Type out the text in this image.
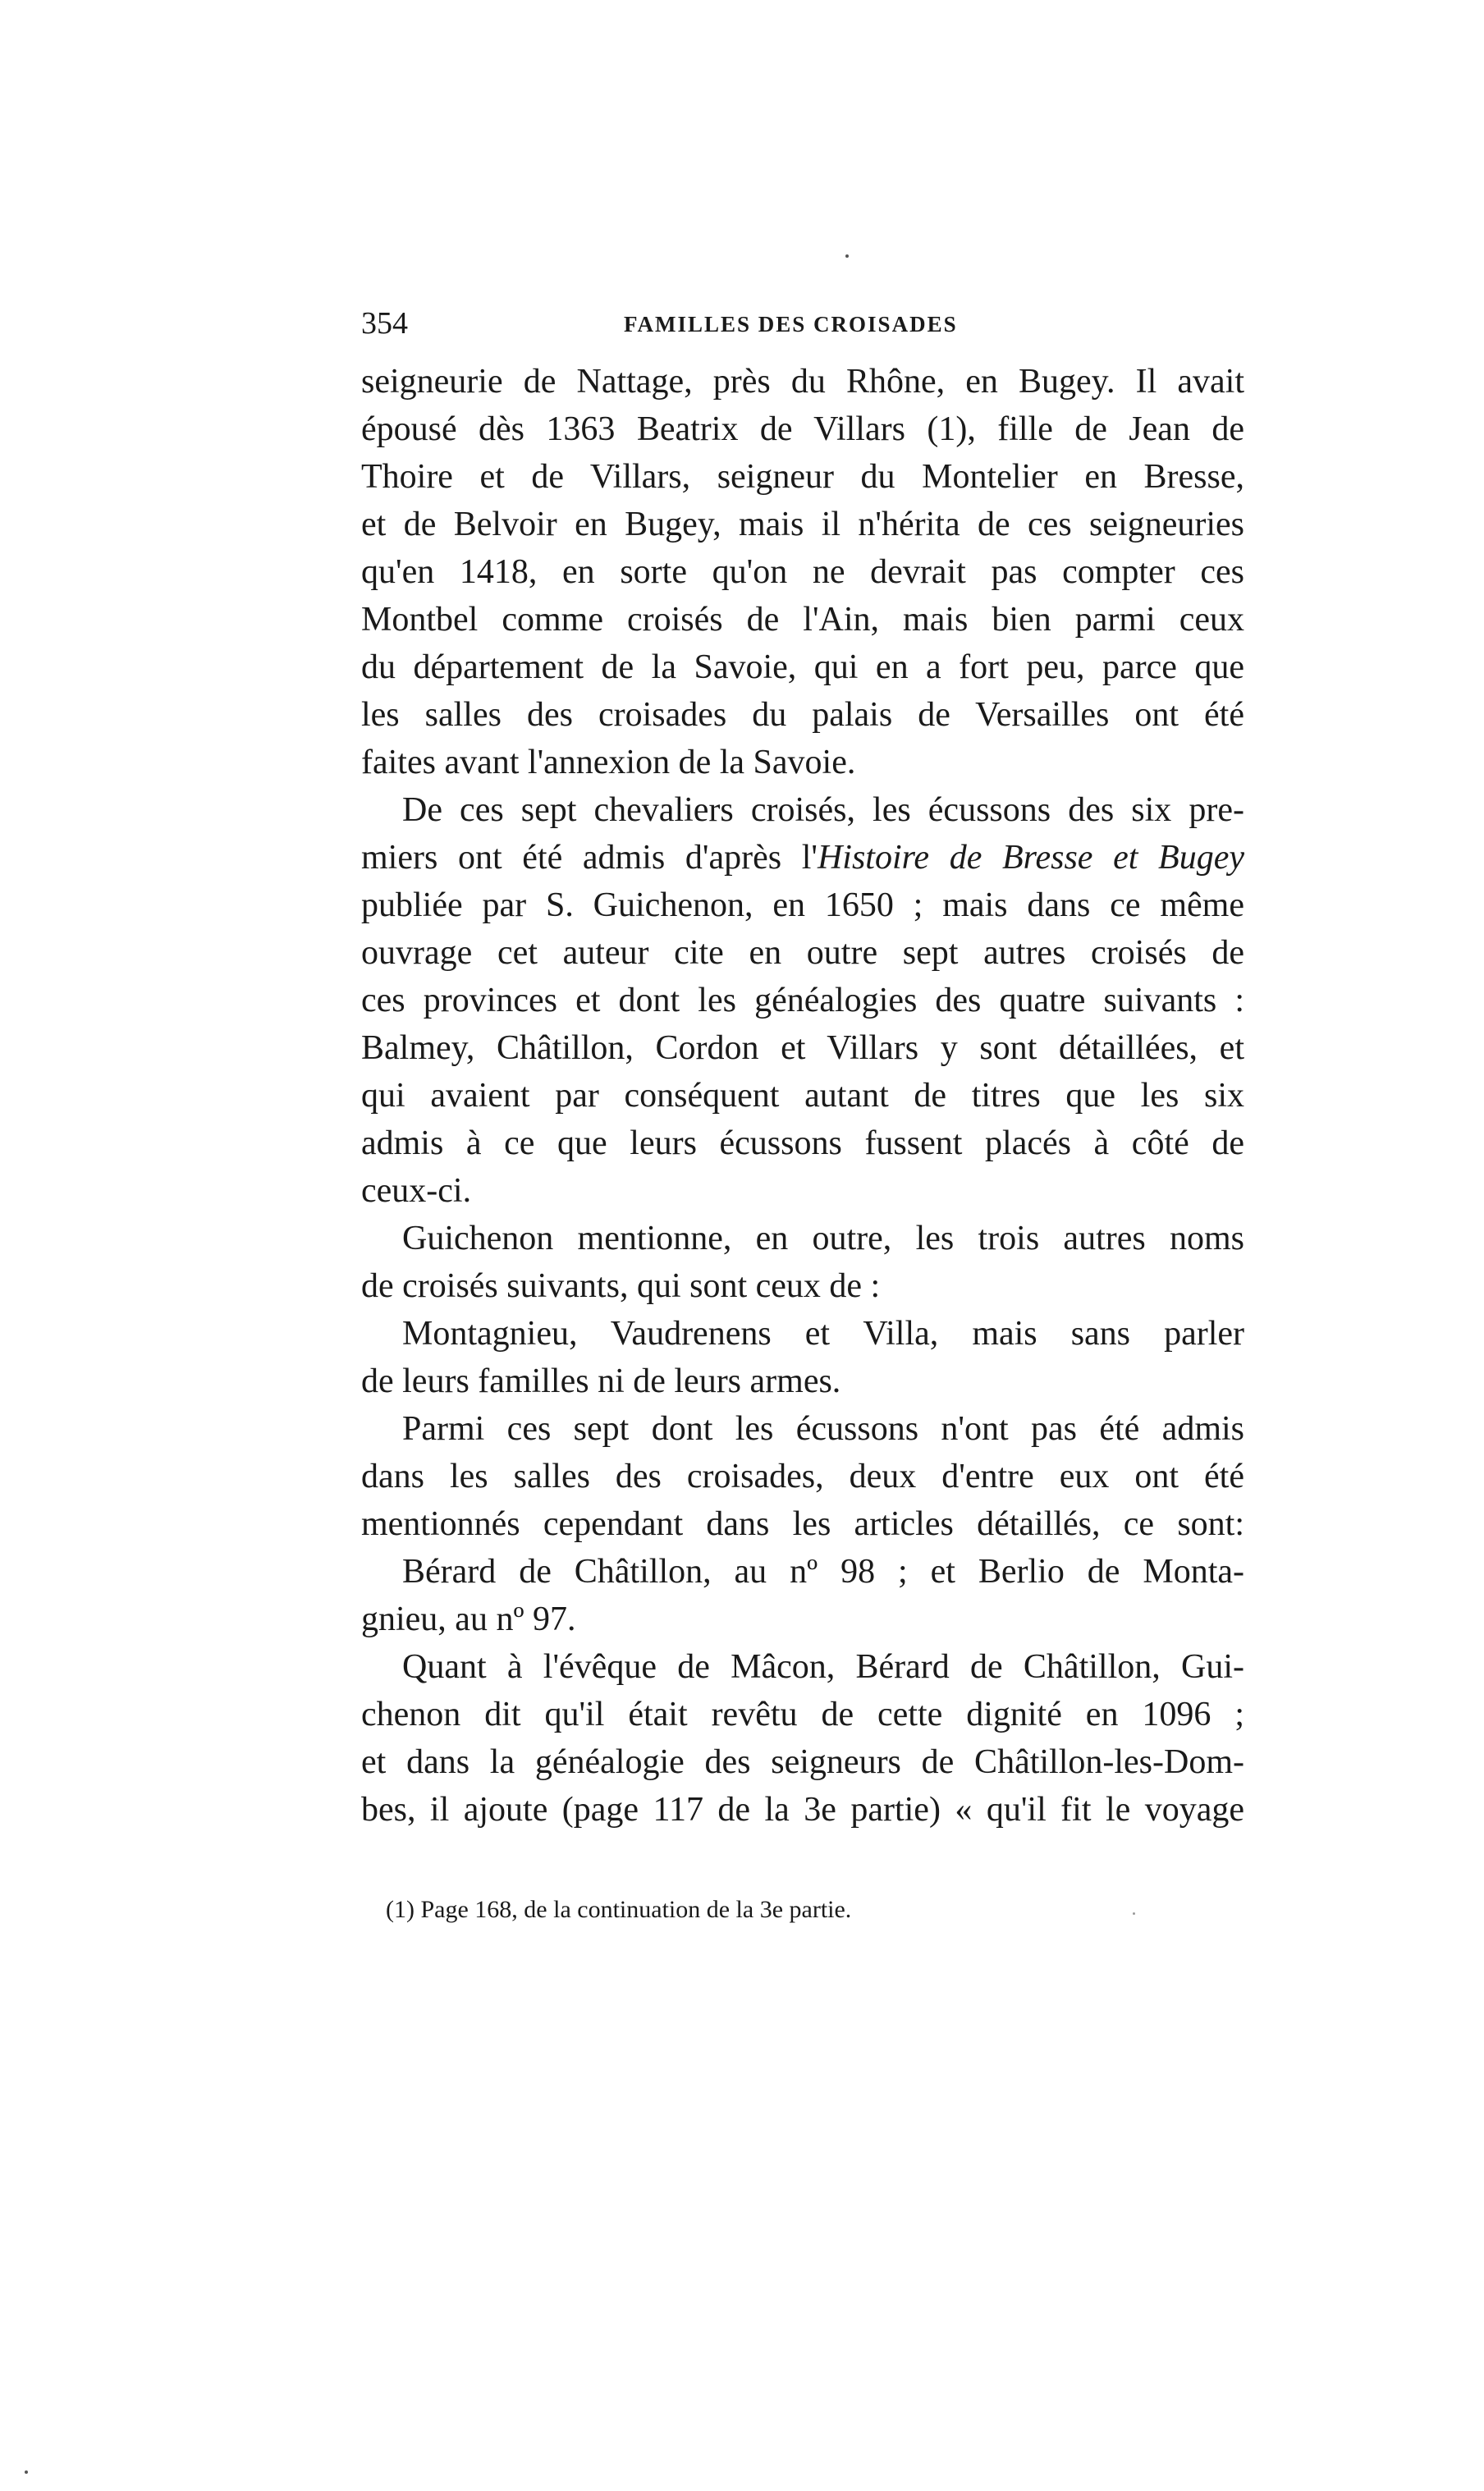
354	FAMILLES DES CROISADES
seigneurie de Nattage, près du Rhône, en Bugey. Il avait
épousé dès 1363 Beatrix de Villars (1), fille de Jean de
Thoire et de Villars, seigneur du Montelier en Bresse,
et de Belvoir en Bugey, mais il n'hérita de ces seigneuries
qu'en 1418, en sorte qu'on ne devrait pas compter ces
Montbel comme croisés de l'Ain, mais bien parmi ceux
du département de la Savoie, qui en a fort peu, parce que
les salles des croisades du palais de Versailles ont été
faites avant l'annexion de la Savoie.
De ces sept chevaliers croisés, les écussons des six pre-
miers ont été admis d'après l'Histoire de Bresse et Bugey
publiée par S. Guichenon, en 1650 ; mais dans ce même
ouvrage cet auteur cite en outre sept autres croisés de
ces provinces et dont les généalogies des quatre suivants :
Balmey, Châtillon, Cordon et Villars y sont détaillées, et
qui avaient par conséquent autant de titres que les six
admis à ce que leurs écussons fussent placés à côté de
ceux-ci.
Guichenon mentionne, en outre, les trois autres noms
de croisés suivants, qui sont ceux de :
Montagnieu, Vaudrenens et Villa, mais sans parler
de leurs familles ni de leurs armes.
Parmi ces sept dont les écussons n'ont pas été admis
dans les salles des croisades, deux d'entre eux ont été
mentionnés cependant dans les articles détaillés, ce sont:
Bérard de Châtillon, au nº 98 ; et Berlio de Monta-
gnieu, au nº 97.
Quant à l'évêque de Mâcon, Bérard de Châtillon, Gui-
chenon dit qu'il était revêtu de cette dignité en 1096 ;
et dans la généalogie des seigneurs de Châtillon-les-Dom-
bes, il ajoute (page 117 de la 3e partie) « qu'il fit le voyage
(1) Page 168, de la continuation de la 3e partie.
